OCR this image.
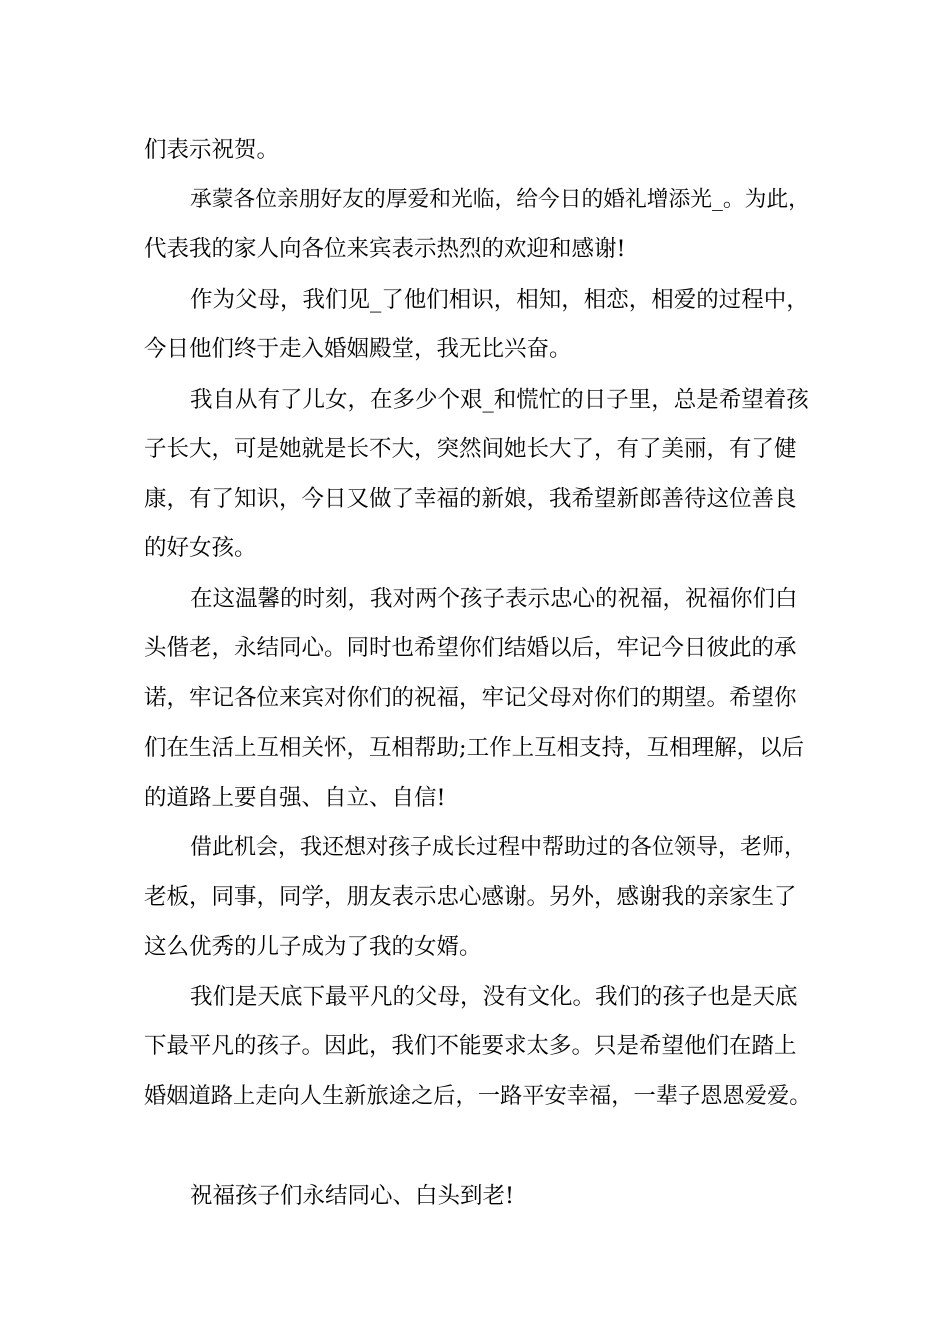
们表示祝贺。
承蒙各位亲朋好友的厚爱和光临，给今日的婚礼增添光_。为此，
代表我的家人向各位来宾表示热烈的欢迎和感谢!
作为父母，我们见_了他们相识，相知，相恋，相爱的过程中，
今日他们终于走入婚姻殿堂，我无比兴奋。
我自从有了儿女，在多少个艰_和慌忙的日子里，总是希望着孩
子长大，可是她就是长不大，突然间她长大了，有了美丽，有了健
康，有了知识，今日又做了幸福的新娘，我希望新郎善待这位善良
的好女孩。
在这温馨的时刻，我对两个孩子表示忠心的祝福，祝福你们白
头偕老，永结同心。同时也希望你们结婚以后，牢记今日彼此的承
诺，牢记各位来宾对你们的祝福，牢记父母对你们的期望。希望你
们在生活上互相关怀，互相帮助;工作上互相支持，互相理解，以后
的道路上要自强、自立、自信!
借此机会，我还想对孩子成长过程中帮助过的各位领导，老师，
老板，同事，同学，朋友表示忠心感谢。另外，感谢我的亲家生了
这么优秀的儿子成为了我的女婿。
我们是天底下最平凡的父母，没有文化。我们的孩子也是天底
下最平凡的孩子。因此，我们不能要求太多。只是希望他们在踏上
婚姻道路上走向人生新旅途之后，一路平安幸福，一辈子恩恩爱爱。
祝福孩子们永结同心、白头到老!
